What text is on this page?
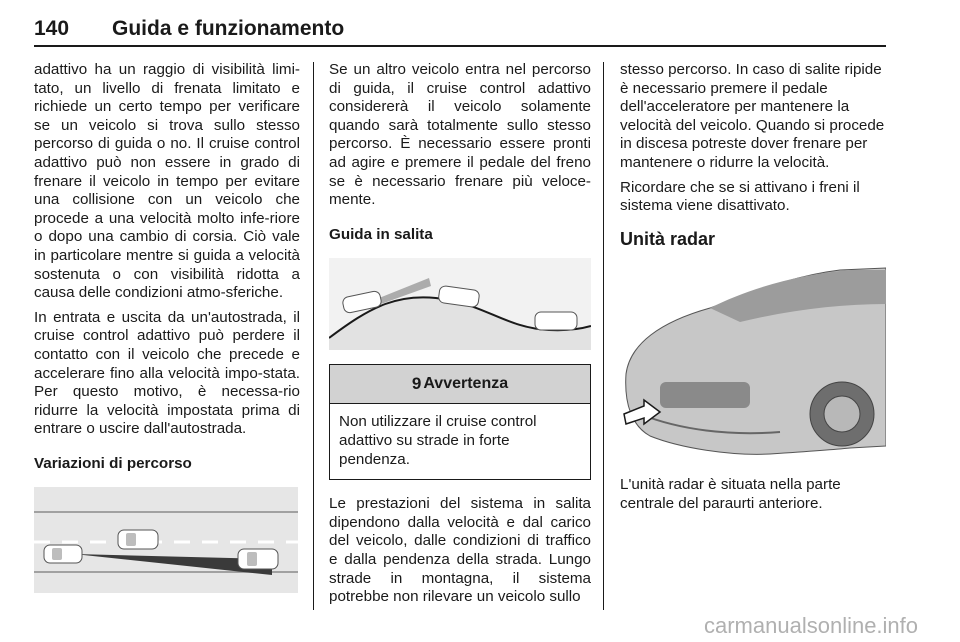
140 Guida e funzionamento

adattivo ha un raggio di visibilità limi-tato, un livello di frenata limitato e richiede un certo tempo per verificare se un veicolo si trova sullo stesso percorso di guida o no. Il cruise control adattivo può non essere in grado di frenare il veicolo in tempo per evitare una collisione con un veicolo che procede a una velocità molto infe-riore o dopo una cambio di corsia. Ciò vale in particolare mentre si guida a velocità sostenuta o con visibilità ridotta a causa delle condizioni atmo-sferiche.

In entrata e uscita da un'autostrada, il cruise control adattivo può perdere il contatto con il veicolo che precede e accelerare fino alla velocità impo-stata. Per questo motivo, è necessa-rio ridurre la velocità impostata prima di entrare o uscire dall'autostrada.

Variazioni di percorso

Se un altro veicolo entra nel percorso di guida, il cruise control adattivo considererà il veicolo solamente quando sarà totalmente sullo stesso percorso. È necessario essere pronti ad agire e premere il pedale del freno se è necessario frenare più veloce-mente.

Guida in salita
9 Avvertenza
Non utilizzare il cruise control adattivo su strade in forte pendenza.

Le prestazioni del sistema in salita dipendono dalla velocità e dal carico del veicolo, dalle condizioni di traffico e dalla pendenza della strada. Lungo strade in montagna, il sistema potrebbe non rilevare un veicolo sullo

stesso percorso. In caso di salite ripide è necessario premere il pedale dell'acceleratore per mantenere la velocità del veicolo. Quando si procede in discesa potreste dover frenare per mantenere o ridurre la velocità.

Ricordare che se si attivano i freni il sistema viene disattivato.

Unità radar

L'unità radar è situata nella parte centrale del paraurti anteriore.

carmanualsonline.info
